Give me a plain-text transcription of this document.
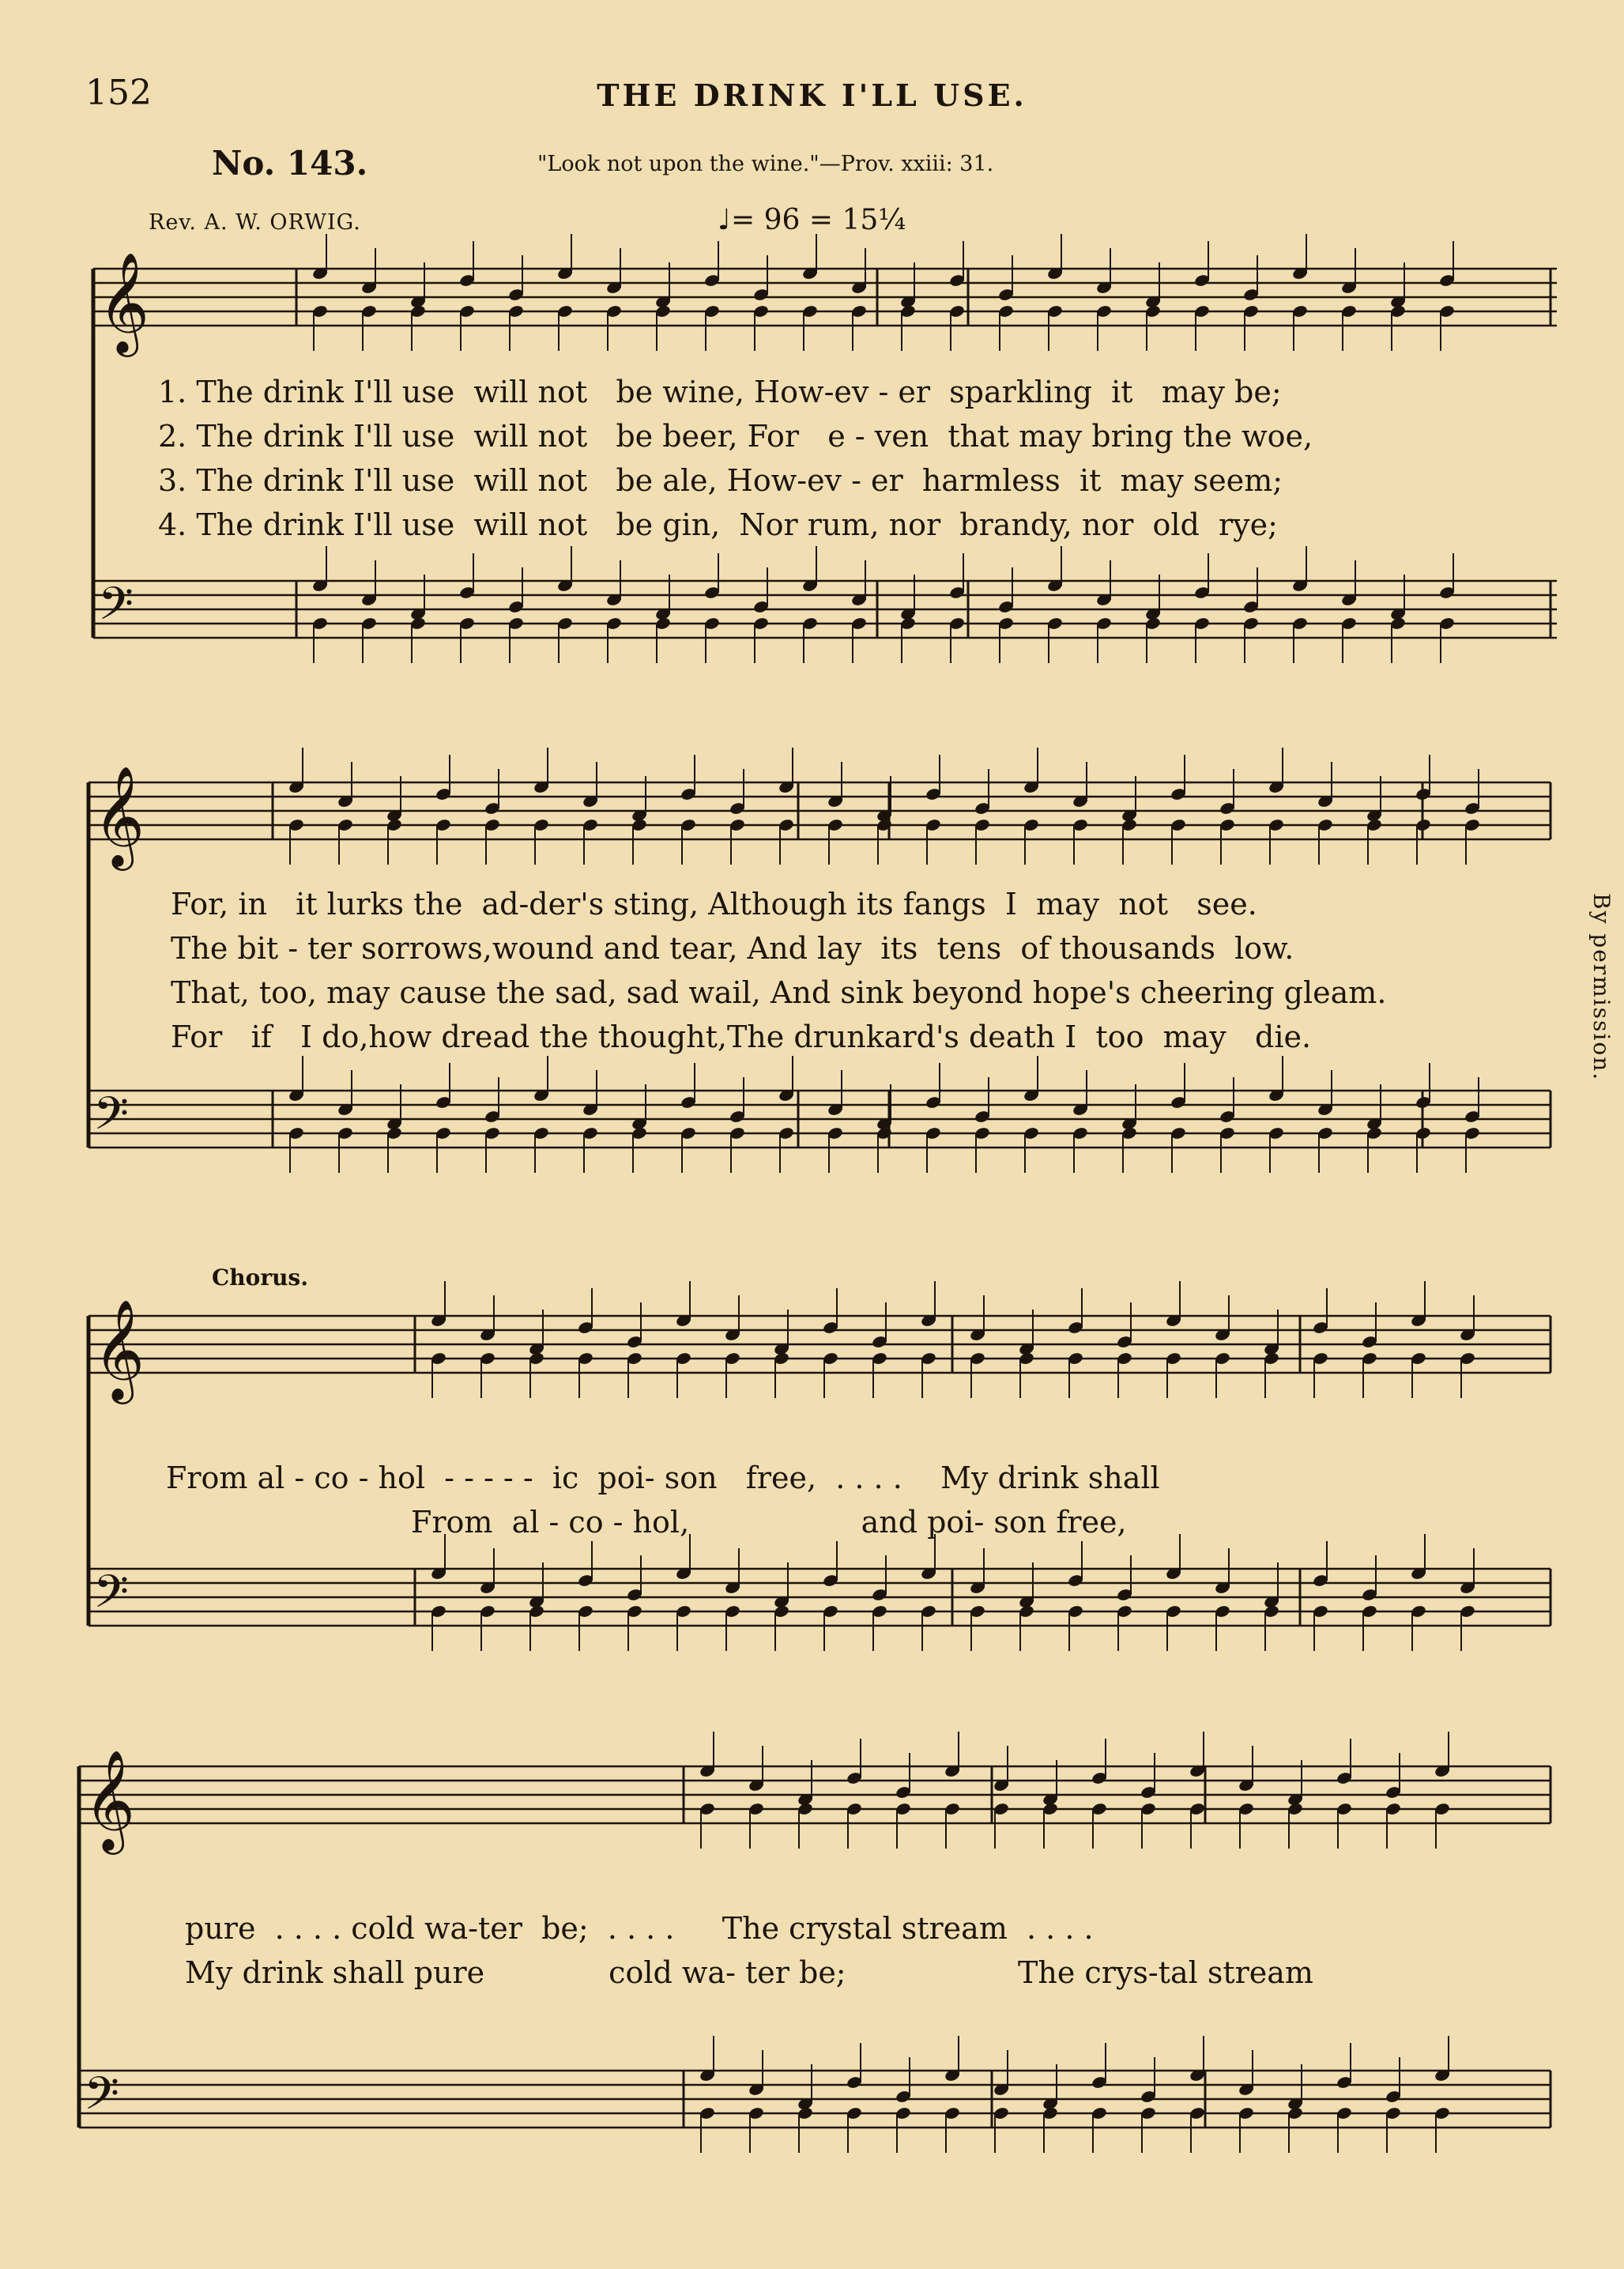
152	THE DRINK I'LL USE.
No. 143.	"Look not upon the wine."—Prov. xxiii: 31.
Rev. A. W. ORWIG.	♩= 96 = 15¼
Chorus.
By permission.
𝄞
𝄢
𝄞
𝄢
𝄞
𝄢
𝄞
𝄢
1. The drink I'll use  will not   be wine, How-ev - er  sparkling  it   may be;
2. The drink I'll use  will not   be beer, For   e - ven  that may bring the woe,
3. The drink I'll use  will not   be ale, How-ev - er  harmless  it  may seem;
4. The drink I'll use  will not   be gin,  Nor rum, nor  brandy, nor  old  rye;
For, in   it lurks the  ad-der's sting, Although its fangs  I  may  not   see.
The bit - ter sorrows,wound and tear, And lay  its  tens  of thousands  low.
That, too, may cause the sad, sad wail, And sink beyond hope's cheering gleam.
For   if   I do,how dread the thought,The drunkard's death I  too  may   die.
From al - co - hol  - - - - -  ic  poi- son   free,  . . . .    My drink shall
From  al - co - hol,                  and poi- son free,
pure  . . . . cold wa-ter  be;  . . . .     The crystal stream  . . . .
My drink shall pure             cold wa- ter be;                  The crys-tal stream
